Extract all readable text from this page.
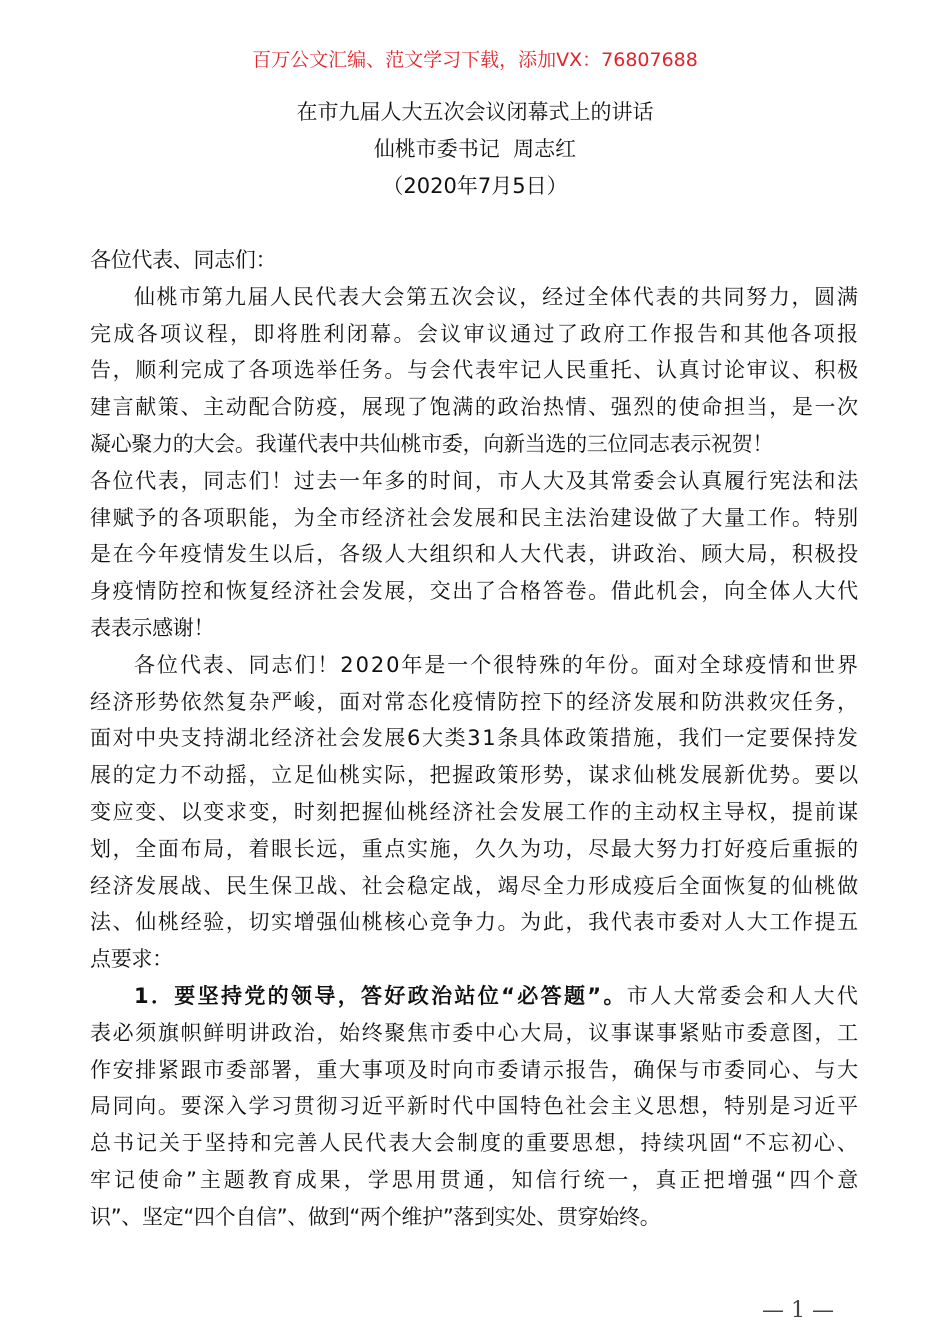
百万公文汇编、范文学习下载，添加VX：76807688
在市九届人大五次会议闭幕式上的讲话
仙桃市委书记  周志红
（2020年7月5日）
各位代表、同志们：
仙 桃 市 第 九 届 人 民 代 表 大 会 第 五 次 会 议 ， 经 过 全 体 代 表 的 共 同 努 力 ， 圆 满
完 成 各 项 议 程 ， 即 将 胜 利 闭 幕 。 会 议 审 议 通 过 了 政 府 工 作 报 告 和 其 他 各 项 报
告 ， 顺 利 完 成 了 各 项 选 举 任 务 。 与 会 代 表 牢 记 人 民 重 托 、 认 真 讨 论 审 议 、 积 极
建 言 献 策 、 主 动 配 合 防 疫 ， 展 现 了 饱 满 的 政 治 热 情 、 强 烈 的 使 命 担 当 ， 是 一 次
凝心聚力的大会。我谨代表中共仙桃市委，向新当选的三位同志表示祝贺！
各 位 代 表 ， 同 志 们 ！ 过 去 一 年 多 的 时 间 ， 市 人 大 及 其 常 委 会 认 真 履 行 宪 法 和 法
律 赋 予 的 各 项 职 能 ， 为 全 市 经 济 社 会 发 展 和 民 主 法 治 建 设 做 了 大 量 工 作 。 特 别
是 在 今 年 疫 情 发 生 以 后 ， 各 级 人 大 组 织 和 人 大 代 表 ， 讲 政 治 、 顾 大 局 ， 积 极 投
身 疫 情 防 控 和 恢 复 经 济 社 会 发 展 ， 交 出 了 合 格 答 卷 。 借 此 机 会 ， 向 全 体 人 大 代
表表示感谢！
各 位 代 表 、 同 志 们 ！ 2 0 2 0 年 是 一 个 很 特 殊 的 年 份 。 面 对 全 球 疫 情 和 世 界
经 济 形 势 依 然 复 杂 严 峻 ， 面 对 常 态 化 疫 情 防 控 下 的 经 济 发 展 和 防 洪 救 灾 任 务 ，
面 对 中 央 支 持 湖 北 经 济 社 会 发 展 6 大 类 3 1 条 具 体 政 策 措 施 ， 我 们 一 定 要 保 持 发
展 的 定 力 不 动 摇 ， 立 足 仙 桃 实 际 ， 把 握 政 策 形 势 ， 谋 求 仙 桃 发 展 新 优 势 。 要 以
变 应 变 、 以 变 求 变 ， 时 刻 把 握 仙 桃 经 济 社 会 发 展 工 作 的 主 动 权 主 导 权 ， 提 前 谋
划 ， 全 面 布 局 ， 着 眼 长 远 ， 重 点 实 施 ， 久 久 为 功 ， 尽 最 大 努 力 打 好 疫 后 重 振 的
经 济 发 展 战 、 民 生 保 卫 战 、 社 会 稳 定 战 ， 竭 尽 全 力 形 成 疫 后 全 面 恢 复 的 仙 桃 做
法 、 仙 桃 经 验 ， 切 实 增 强 仙 桃 核 心 竞 争 力 。 为 此 ， 我 代 表 市 委 对 人 大 工 作 提 五
点要求：
1 ． 要 坚 持 党 的 领 导 ， 答 好 政 治 站 位 “ 必 答 题 ” 。 市 人 大 常 委 会 和 人 大 代
表 必 须 旗 帜 鲜 明 讲 政 治 ， 始 终 聚 焦 市 委 中 心 大 局 ， 议 事 谋 事 紧 贴 市 委 意 图 ， 工
作 安 排 紧 跟 市 委 部 署 ， 重 大 事 项 及 时 向 市 委 请 示 报 告 ， 确 保 与 市 委 同 心 、 与 大
局 同 向 。 要 深 入 学 习 贯 彻 习 近 平 新 时 代 中 国 特 色 社 会 主 义 思 想 ， 特 别 是 习 近 平
总 书 记 关 于 坚 持 和 完 善 人 民 代 表 大 会 制 度 的 重 要 思 想 ， 持 续 巩 固 “ 不 忘 初 心 、
牢 记 使 命 ” 主 题 教 育 成 果 ， 学 思 用 贯 通 ， 知 信 行 统 一 ， 真 正 把 增 强 “ 四 个 意
识”、坚定“四个自信”、做到“两个维护”落到实处、贯穿始终。
— 1 —
